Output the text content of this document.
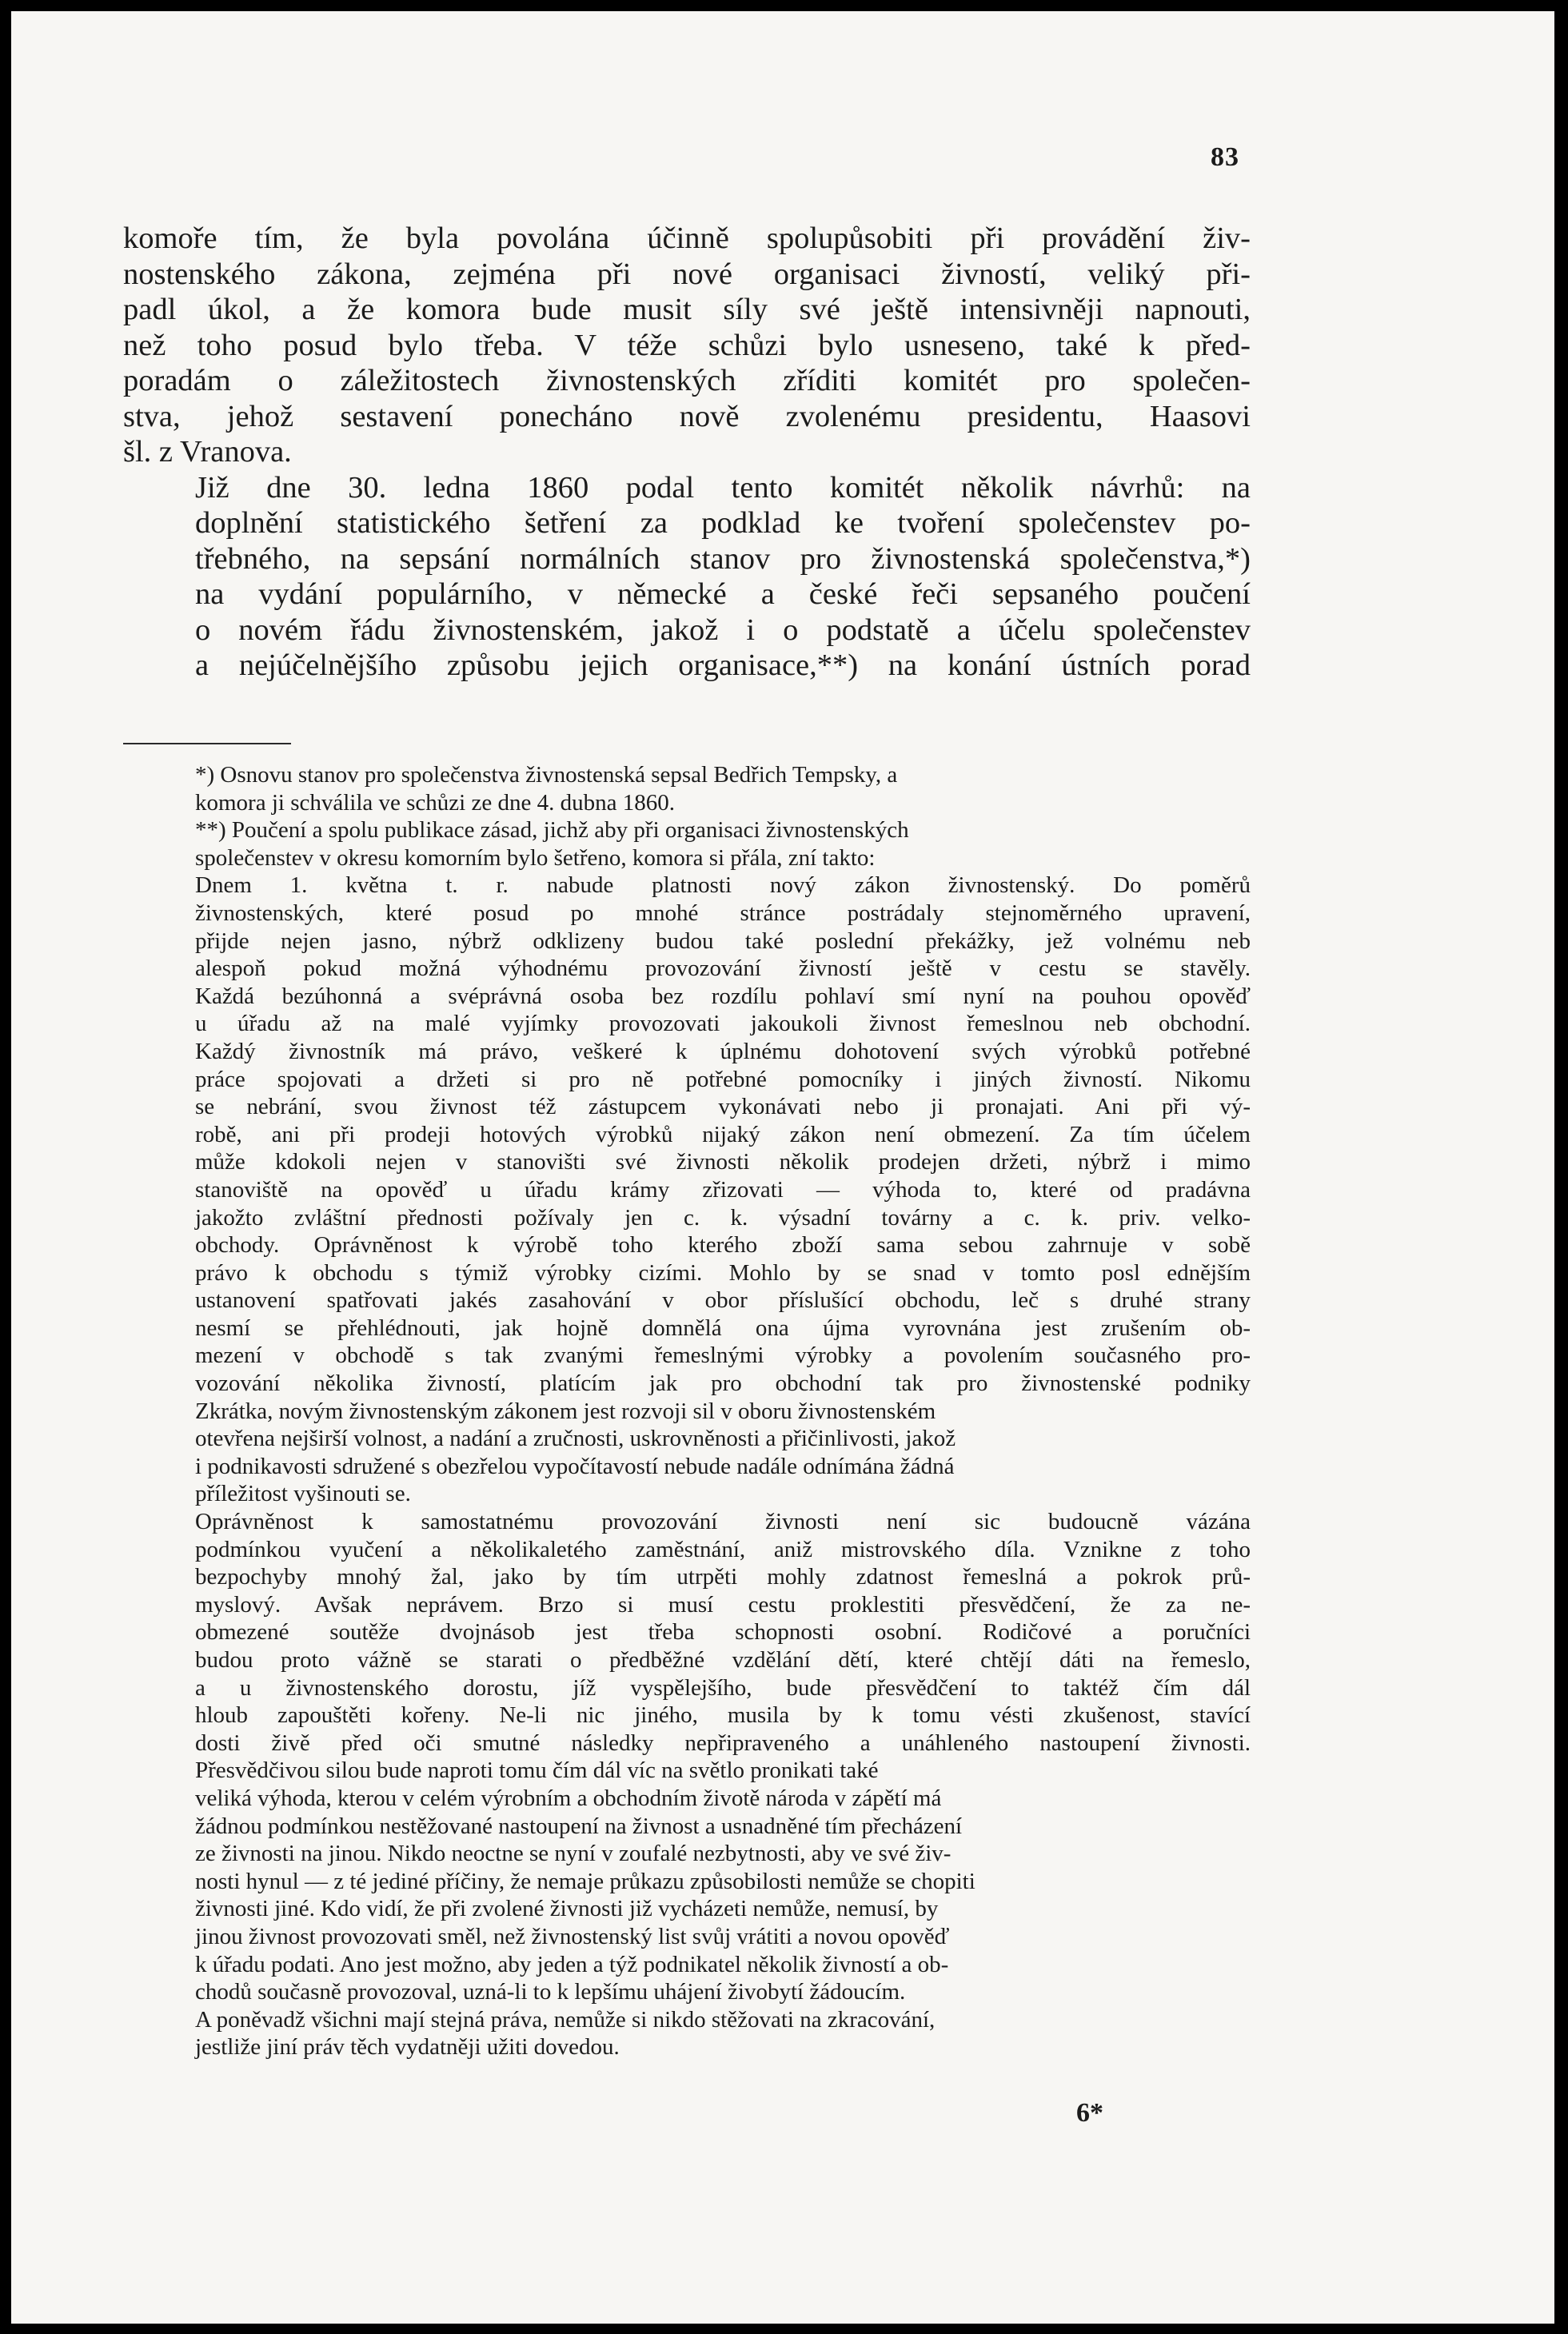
83
komoře tím, že byla povolána účinně spolupůsobiti při provádění živ-
nostenského zákona, zejména při nové organisaci živností, veliký při-
padl úkol, a že komora bude musit síly své ještě intensivněji napnouti,
než toho posud bylo třeba. V téže schůzi bylo usneseno, také k před-
poradám o záležitostech živnostenských zříditi komitét pro společen-
stva, jehož sestavení ponecháno nově zvolenému presidentu, Haasovi
šl. z Vranova.
Již dne 30. ledna 1860 podal tento komitét několik návrhů: na
doplnění statistického šetření za podklad ke tvoření společenstev po-
třebného, na sepsání normálních stanov pro živnostenská společenstva,*)
na vydání populárního, v německé a české řeči sepsaného poučení
o novém řádu živnostenském, jakož i o podstatě a účelu společenstev
a nejúčelnějšího způsobu jejich organisace,**) na konání ústních porad
*) Osnovu stanov pro společenstva živnostenská sepsal Bedřich Tempsky, a
komora ji schválila ve schůzi ze dne 4. dubna 1860.
**) Poučení a spolu publikace zásad, jichž aby při organisaci živnostenských
společenstev v okresu komorním bylo šetřeno, komora si přála, zní takto:
Dnem 1. května t. r. nabude platnosti nový zákon živnostenský. Do poměrů
živnostenských, které posud po mnohé stránce postrádaly stejnoměrného upravení,
přijde nejen jasno, nýbrž odklizeny budou také poslední překážky, jež volnému neb
alespoň pokud možná výhodnému provozování živností ještě v cestu se stavěly.
Každá bezúhonná a svéprávná osoba bez rozdílu pohlaví smí nyní na pouhou opověď
u úřadu až na malé vyjímky provozovati jakoukoli živnost řemeslnou neb obchodní.
Každý živnostník má právo, veškeré k úplnému dohotovení svých výrobků potřebné
práce spojovati a držeti si pro ně potřebné pomocníky i jiných živností. Nikomu
se nebrání, svou živnost též zástupcem vykonávati nebo ji pronajati. Ani při vý-
robě, ani při prodeji hotových výrobků nijaký zákon není obmezení. Za tím účelem
může kdokoli nejen v stanovišti své živnosti několik prodejen držeti, nýbrž i mimo
stanoviště na opověď u úřadu krámy zřizovati — výhoda to, které od pradávna
jakožto zvláštní přednosti požívaly jen c. k. výsadní továrny a c. k. priv. velko-
obchody. Oprávněnost k výrobě toho kterého zboží sama sebou zahrnuje v sobě
právo k obchodu s týmiž výrobky cizími. Mohlo by se snad v tomto posl ednějším
ustanovení spatřovati jakés zasahování v obor příslušící obchodu, leč s druhé strany
nesmí se přehlédnouti, jak hojně domnělá ona újma vyrovnána jest zrušením ob-
mezení v obchodě s tak zvanými řemeslnými výrobky a povolením současného pro-
vozování několika živností, platícím jak pro obchodní tak pro živnostenské podniky
Zkrátka, novým živnostenským zákonem jest rozvoji sil v oboru živnostenském
otevřena nejširší volnost, a nadání a zručnosti, uskrovněnosti a přičinlivosti, jakož
i podnikavosti sdružené s obezřelou vypočítavostí nebude nadále odnímána žádná
příležitost vyšinouti se.
Oprávněnost k samostatnému provozování živnosti není sic budoucně vázána
podmínkou vyučení a několikaletého zaměstnání, aniž mistrovského díla. Vznikne z toho
bezpochyby mnohý žal, jako by tím utrpěti mohly zdatnost řemeslná a pokrok prů-
myslový. Avšak neprávem. Brzo si musí cestu proklestiti přesvědčení, že za ne-
obmezené soutěže dvojnásob jest třeba schopnosti osobní. Rodičové a poručníci
budou proto vážně se starati o předběžné vzdělání dětí, které chtějí dáti na řemeslo,
a u živnostenského dorostu, jíž vyspělejšího, bude přesvědčení to taktéž čím dál
hloub zapouštěti kořeny. Ne-li nic jiného, musila by k tomu vésti zkušenost, stavící
dosti živě před oči smutné následky nepřipraveného a unáhleného nastoupení živnosti.
Přesvědčivou silou bude naproti tomu čím dál víc na světlo pronikati také
veliká výhoda, kterou v celém výrobním a obchodním životě národa v zápětí má
žádnou podmínkou nestěžované nastoupení na živnost a usnadněné tím přecházení
ze živnosti na jinou. Nikdo neoctne se nyní v zoufalé nezbytnosti, aby ve své živ-
nosti hynul — z té jediné příčiny, že nemaje průkazu způsobilosti nemůže se chopiti
živnosti jiné. Kdo vidí, že při zvolené živnosti již vycházeti nemůže, nemusí, by
jinou živnost provozovati směl, než živnostenský list svůj vrátiti a novou opověď
k úřadu podati. Ano jest možno, aby jeden a týž podnikatel několik živností a ob-
chodů současně provozoval, uzná-li to k lepšímu uhájení živobytí žádoucím.
A poněvadž všichni mají stejná práva, nemůže si nikdo stěžovati na zkracování,
jestliže jiní práv těch vydatněji užiti dovedou.
6*
